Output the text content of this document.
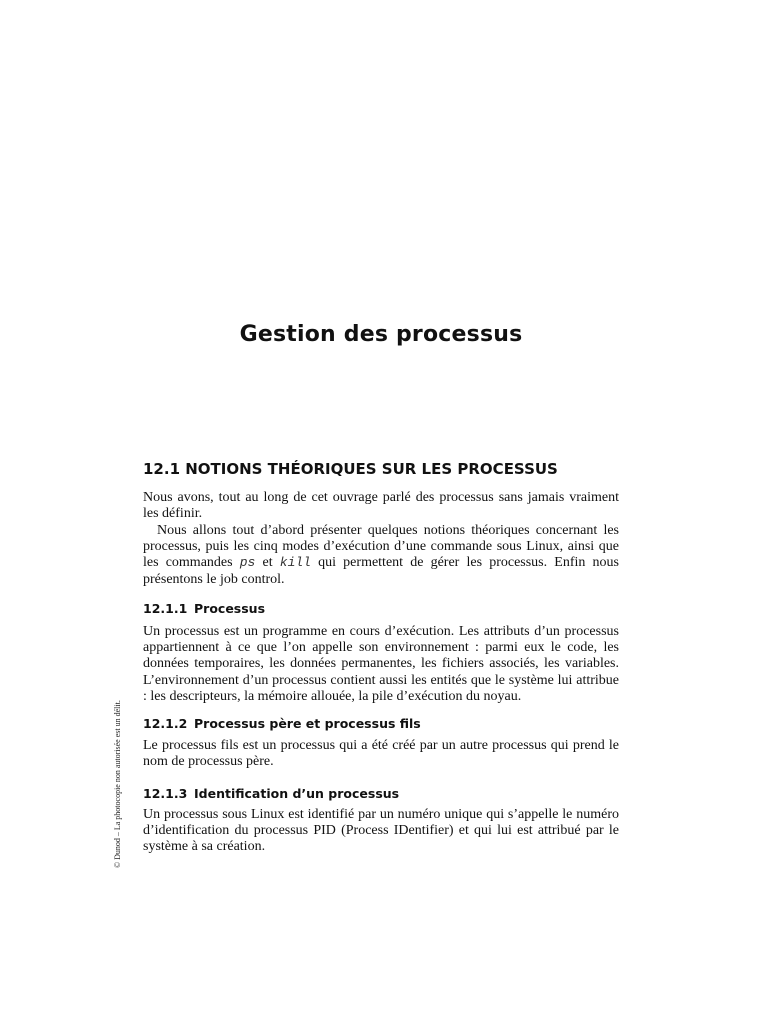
Gestion des processus
© Dunod – La photocopie non autorisée est un délit.
12.1 NOTIONS THÉORIQUES SUR LES PROCESSUS

Nous avons, tout au long de cet ouvrage parlé des processus sans jamais vraiment les définir.

Nous allons tout d’abord présenter quelques notions théoriques concernant les processus, puis les cinq modes d’exécution d’une commande sous Linux, ainsi que les commandes ps et kill qui permettent de gérer les processus. Enfin nous présentons le job control.

12.1.1 Processus

Un processus est un programme en cours d’exécution. Les attributs d’un processus appartiennent à ce que l’on appelle son environnement : parmi eux le code, les données temporaires, les données permanentes, les fichiers associés, les variables. L’environnement d’un processus contient aussi les entités que le système lui attribue : les descripteurs, la mémoire allouée, la pile d’exécution du noyau.

12.1.2 Processus père et processus fils

Le processus fils est un processus qui a été créé par un autre processus qui prend le nom de processus père.

12.1.3 Identification d’un processus

Un processus sous Linux est identifié par un numéro unique qui s’appelle le numéro d’identification du processus PID (Process IDentifier) et qui lui est attribué par le système à sa création.
